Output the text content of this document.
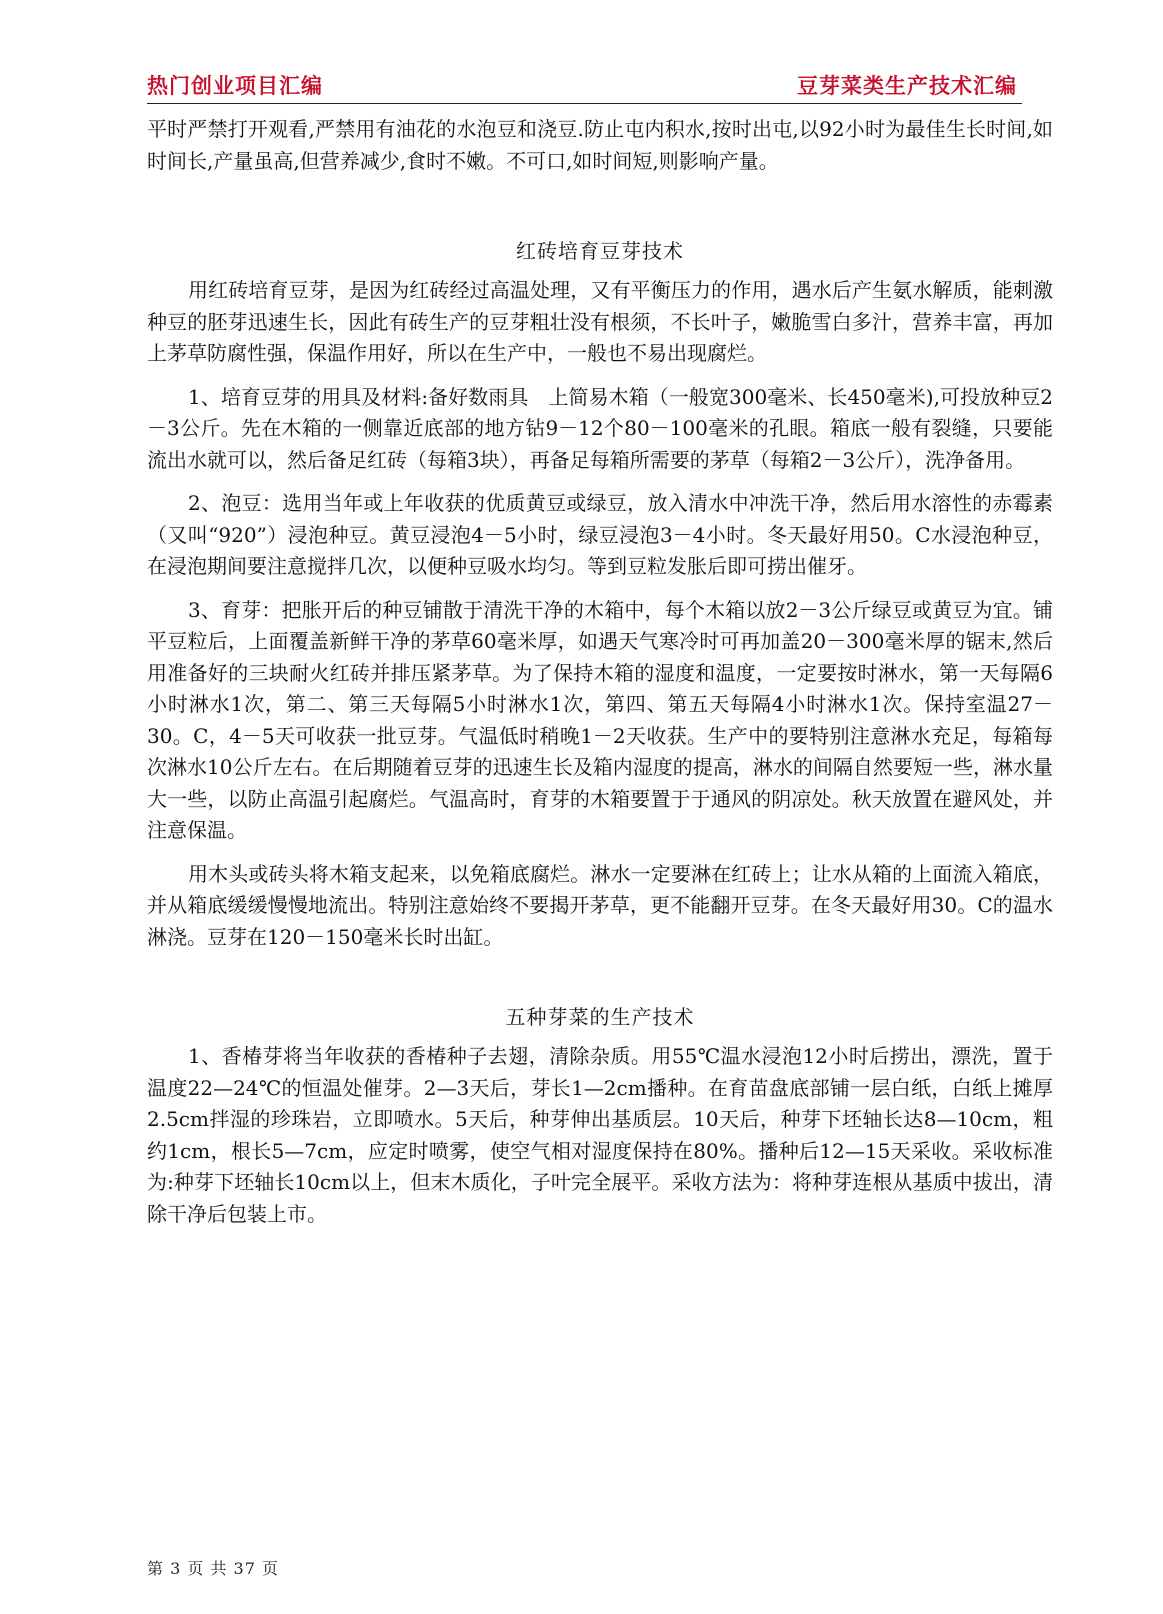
热门创业项目汇编	豆芽菜类生产技术汇编

平时严禁打开观看,严禁用有油花的水泡豆和浇豆.防止屯内积水,按时出屯,以92小时为最佳生长时间,如时间长,产量虽高,但营养减少,食时不嫩。不可口,如时间短,则影响产量。

红砖培育豆芽技术

用红砖培育豆芽，是因为红砖经过高温处理，又有平衡压力的作用，遇水后产生氨水解质，能刺激种豆的胚芽迅速生长，因此有砖生产的豆芽粗壮没有根须，不长叶子，嫩脆雪白多汁，营养丰富，再加上茅草防腐性强，保温作用好，所以在生产中，一般也不易出现腐烂。

1、培育豆芽的用具及材料:备好数雨具　上简易木箱（一般宽300毫米、长450毫米),可投放种豆2－3公斤。先在木箱的一侧靠近底部的地方钻9－12个80－100毫米的孔眼。箱底一般有裂缝，只要能流出水就可以，然后备足红砖（每箱3块），再备足每箱所需要的茅草（每箱2－3公斤），洗净备用。

2、泡豆：选用当年或上年收获的优质黄豆或绿豆，放入清水中冲洗干净，然后用水溶性的赤霉素（又叫“920”）浸泡种豆。黄豆浸泡4－5小时，绿豆浸泡3－4小时。冬天最好用50。C水浸泡种豆，在浸泡期间要注意搅拌几次，以便种豆吸水均匀。等到豆粒发胀后即可捞出催牙。

3、育芽：把胀开后的种豆铺散于清洗干净的木箱中，每个木箱以放2－3公斤绿豆或黄豆为宜。铺平豆粒后，上面覆盖新鲜干净的茅草60毫米厚，如遇天气寒冷时可再加盖20－300毫米厚的锯末,然后用准备好的三块耐火红砖并排压紧茅草。为了保持木箱的湿度和温度，一定要按时淋水，第一天每隔6小时淋水1次，第二、第三天每隔5小时淋水1次，第四、第五天每隔4小时淋水1次。保持室温27－30。C，4－5天可收获一批豆芽。气温低时稍晚1－2天收获。生产中的要特别注意淋水充足，每箱每次淋水10公斤左右。在后期随着豆芽的迅速生长及箱内湿度的提高，淋水的间隔自然要短一些，淋水量大一些，以防止高温引起腐烂。气温高时，育芽的木箱要置于于通风的阴凉处。秋天放置在避风处，并注意保温。

用木头或砖头将木箱支起来，以免箱底腐烂。淋水一定要淋在红砖上；让水从箱的上面流入箱底，并从箱底缓缓慢慢地流出。特别注意始终不要揭开茅草，更不能翻开豆芽。在冬天最好用30。C的温水淋浇。豆芽在120－150毫米长时出缸。

五种芽菜的生产技术

1、香椿芽将当年收获的香椿种子去翅，清除杂质。用55℃温水浸泡12小时后捞出，漂洗，置于温度22—24℃的恒温处催芽。2—3天后，芽长1—2cm播种。在育苗盘底部铺一层白纸，白纸上摊厚2.5cm拌湿的珍珠岩，立即喷水。5天后，种芽伸出基质层。10天后，种芽下坯轴长达8—10cm，粗约1cm，根长5—7cm，应定时喷雾，使空气相对湿度保持在80%。播种后12—15天采收。采收标准为:种芽下坯轴长10cm以上，但末木质化，子叶完全展平。采收方法为：将种芽连根从基质中拔出，清除干净后包装上市。

第 3 页 共 37 页
